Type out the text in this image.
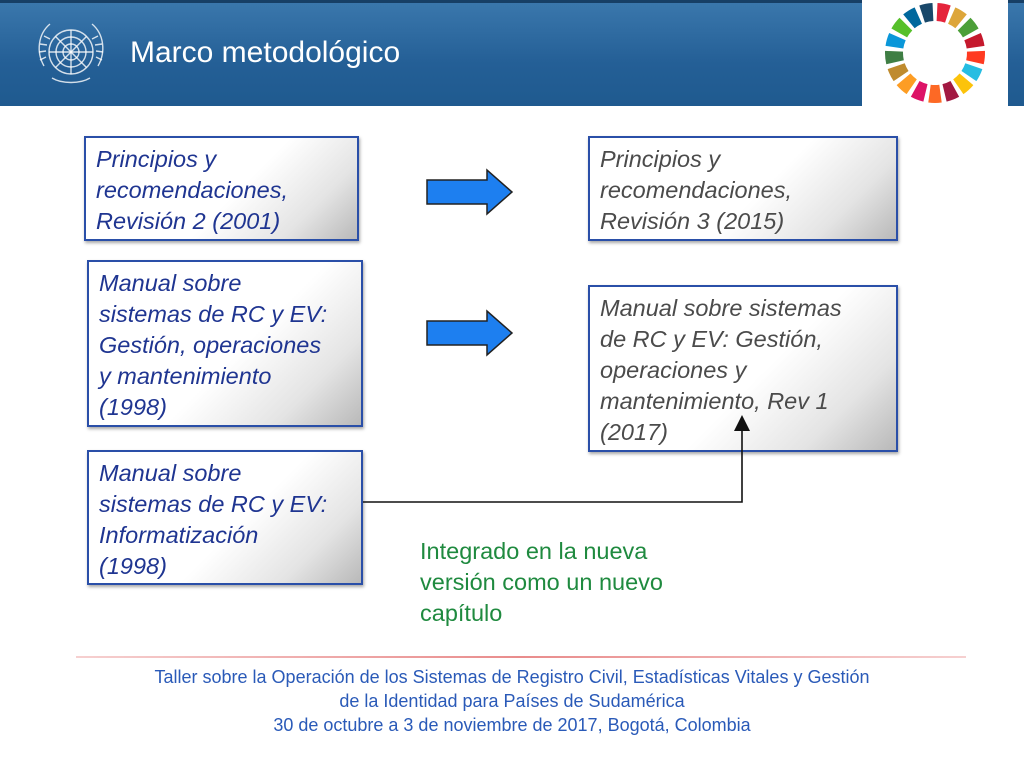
Marco metodológico
Principios y
recomendaciones,
Revisión 2 (2001)
Principios y
recomendaciones,
Revisión 3 (2015)
Manual sobre
sistemas de RC y EV:
Gestión, operaciones
y mantenimiento
(1998)
Manual sobre sistemas
de RC y EV: Gestión,
operaciones y
mantenimiento, Rev 1
(2017)
Manual sobre
sistemas de RC y EV:
Informatización
(1998)
Integrado en la nueva
versión como un nuevo
capítulo
Taller sobre la Operación de los Sistemas de Registro Civil, Estadísticas Vitales y Gestión
de la Identidad para Países de Sudamérica
30 de octubre a 3 de noviembre de 2017, Bogotá, Colombia
